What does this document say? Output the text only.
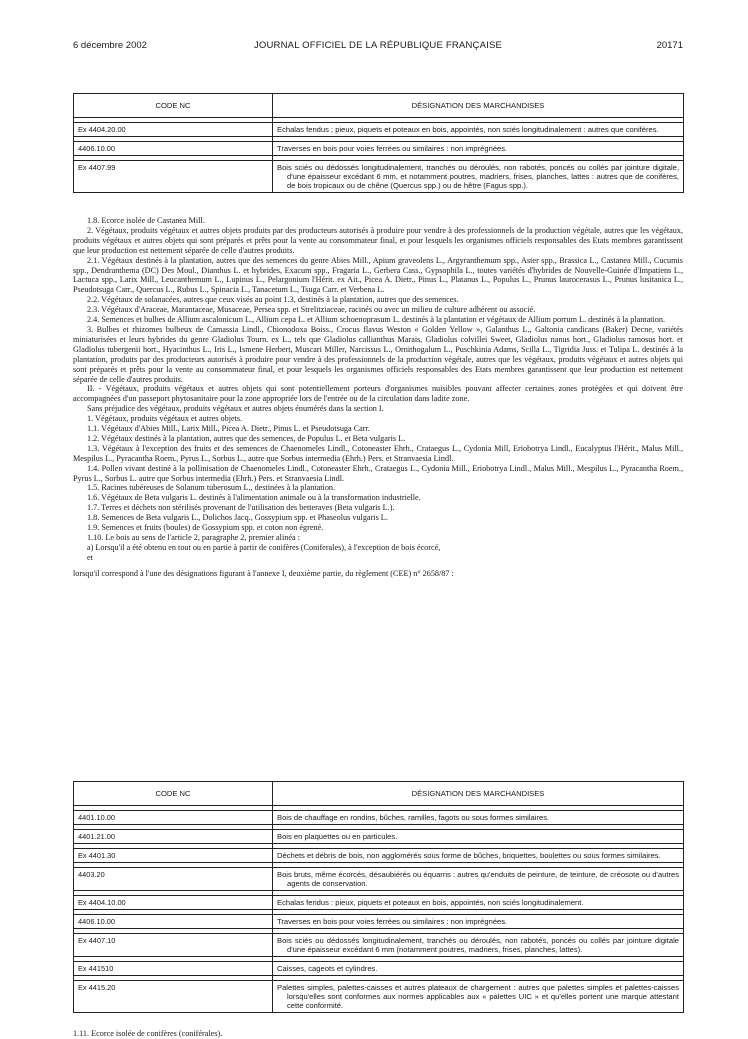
6 décembre 2002	JOURNAL OFFICIEL DE LA RÉPUBLIQUE FRANÇAISE	20171
CODE NC	DÉSIGNATION DES MARCHANDISES

Ex 4404.20.00	Echalas fendus ; pieux, piquets et poteaux en bois, appointés, non sciés longitudinalement : autres que conifères.

4406.10.00	Traverses en bois pour voies ferrées ou similaires : non imprégnées.

Ex 4407.99	Bois sciés ou dédossés longitudinalement, tranchés ou déroulés, non rabotés, poncés ou collés par jointure digitale, d'une épaisseur excédant 6 mm, et notamment poutres, madriers, frises, planches, lattes : autres que de conifères, de bois tropicaux ou de chêne (Quercus spp.) ou de hêtre (Fagus spp.).

1.8. Ecorce isolée de Castanea Mill.

2. Végétaux, produits végétaux et autres objets produits par des producteurs autorisés à produire pour vendre à des professionnels de la production végétale, autres que les végétaux, produits végétaux et autres objets qui sont préparés et prêts pour la vente au consommateur final, et pour lesquels les organismes officiels responsables des Etats membres garantissent que leur production est nettement séparée de celle d'autres produits.

2.1. Végétaux destinés à la plantation, autres que des semences du genre Abies Mill., Apium graveolens L., Argyranthemum spp., Aster spp., Brassica L., Castanea Mill., Cucumis spp., Dendranthema (DC) Des Moul., Dianthus L. et hybrides, Exacum spp., Fragaria L., Gerbera Cass., Gypsophila L., toutes variétés d'hybrides de Nouvelle-Guinée d'Impatiens L., Lactuca spp., Larix Mill., Leucanthemum L., Lupinus L., Pelargonium l'Hérit. ex Ait., Picea A. Dietr., Pinus L., Platanus L., Populus L., Prunus laurocerasus L., Prunus lusitanica L., Pseudotsuga Carr., Quercus L., Rubus L., Spinacia L., Tanacetum L., Tsuga Carr. et Verbena L.

2.2. Végétaux de solanacées, autres que ceux visés au point 1.3, destinés à la plantation, autres que des semences.

2.3. Végétaux d'Araceae, Marantaceae, Musaceae, Persea spp. et Strelitziaceae, racinés ou avec un milieu de culture adhérent ou associé.

2.4. Semences et bulbes de Allium ascalonicum L., Allium cepa L. et Allium schoenoprasum L. destinés à la plantation et végétaux de Allium porrum L. destinés à la plantation.

3. Bulbes et rhizomes bulbeux de Camassia Lindl., Chionodoxa Boiss., Crocus flavus Weston « Golden Yellow », Galanthus L., Galtonia candicans (Baker) Decne, variétés miniaturisées et leurs hybrides du genre Gladiolus Tourn. ex L., tels que Gladiolus callianthus Marais, Gladiolus colvillei Sweet, Gladiolus nanus hort., Gladiolus ramosus hort. et Gladiolus tubergenii hort., Hyacinthus L., Iris L., Ismene Herbert, Muscari Miller, Narcissus L., Ornithogalum L., Puschkinia Adams, Scilla L., Tigridia Juss. et Tulipa L. destinés à la plantation, produits par des producteurs autorisés à produire pour vendre à des professionnels de la production végétale, autres que les végétaux, produits végétaux et autres objets qui sont préparés et prêts pour la vente au consommateur final, et pour lesquels les organismes officiels responsables des Etats membres garantissent que leur production est nettement séparée de celle d'autres produits.

II. - Végétaux, produits végétaux et autres objets qui sont potentiellement porteurs d'organismes nuisibles pouvant affecter certaines zones protégées et qui doivent être accompagnées d'un passeport phytosanitaire pour la zone appropriée lors de l'entrée ou de la circulation dans ladite zone.

Sans préjudice des végétaux, produits végétaux et autres objets énumérés dans la section I.

1. Végétaux, produits végétaux et autres objets.

1.1. Végétaux d'Abies Mill., Larix Mill., Picea A. Dietr., Pinus L. et Pseudotsuga Carr.

1.2. Végétaux destinés à la plantation, autres que des semences, de Populus L. et Beta vulgaris L.

1.3. Végétaux à l'exception des fruits et des semences de Chaenomeles Lindl., Cotoneaster Ehrh., Crataegus L., Cydonia Mill, Eriobotrya Lindl., Eucalyptus l'Hérit., Malus Mill., Mespilus L., Pyracantha Roem., Pyrus L., Sorbus L., autre que Sorbus intermedia (Ehrh.) Pers. et Stranvaesia Lindl.

1.4. Pollen vivant destiné à la pollinisation de Chaenomeles Lindl., Cotoneaster Ehrh., Crataegus L., Cydonia Mill., Eriobotrya Lindl., Malus Mill., Mespilus L., Pyracantha Roem., Pyrus L., Sorbus L. autre que Sorbus intermedia (Ehrh.) Pers. et Stranvaesia Lindl.

1.5. Racines tubéreuses de Solanum tuberosum L., destinées à la plantation.

1.6. Végétaux de Beta vulgaris L. destinés à l'alimentation animale ou à la transformation industrielle.

1.7. Terres et déchets non stérilisés provenant de l'utilisation des betteraves (Beta vulgaris L.).

1.8. Semences de Beta vulgaris L., Dolichos Jacq., Gossypium spp. et Phaseolus vulgaris L.

1.9. Semences et fruits (boules) de Gossypium spp. et coton non égrené.

1.10. Le bois au sens de l'article 2, paragraphe 2, premier alinéa :

a) Lorsqu'il a été obtenu en tout ou en partie à partir de conifères (Coniferales), à l'exception de bois écorcé,

et

lorsqu'il correspond à l'une des désignations figurant à l'annexe I, deuxième partie, du règlement (CEE) n° 2658/87 :

CODE NC	DÉSIGNATION DES MARCHANDISES

4401.10.00	Bois de chauffage en rondins, bûches, ramilles, fagots ou sous formes similaires.

4401.21.00	Bois en plaquettes ou en particules.

Ex 4401.30	Déchets et débris de bois, non agglomérés sous forme de bûches, briquettes, boulettes ou sous formes similaires.

4403.20	Bois bruts, même écorcés, désaubiérés ou équarris : autres qu'enduits de peinture, de teinture, de créosote ou d'autres agents de conservation.

Ex 4404.10.00	Echalas fendus : pieux, piquets et poteaux en bois, appointés, non sciés longitudinalement.

4406.10.00	Traverses en bois pour voies ferrées ou similaires : non imprégnées.

Ex 4407.10	Bois sciés ou dédossés longitudinalement, tranchés ou déroulés, non rabotés, poncés ou collés par jointure digitale d'une épaisseur excédant 6 mm (notamment poutres, madriers, frises, planches, lattes).

Ex 441510	Caisses, cageots et cylindres.

Ex 4415.20	Palettes simples, palettes-caisses et autres plateaux de chargement : autres que palettes simples et palettes-caisses lorsqu'elles sont conformes aux normes applicables aux « palettes UIC » et qu'elles portent une marque attestant cette conformité.

1.11. Ecorce isolée de conifères (coniférales).
